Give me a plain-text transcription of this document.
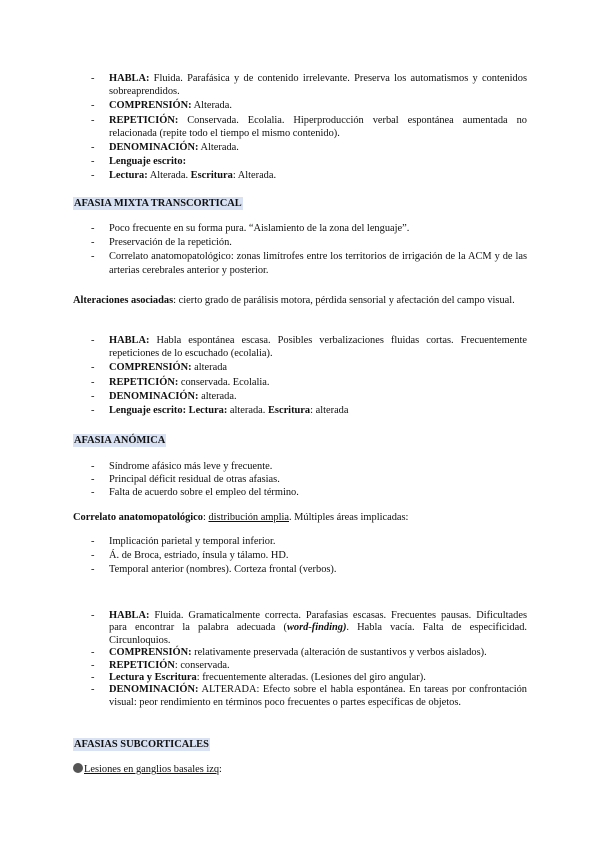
- HABLA: Fluida. Parafásica y de contenido irrelevante. Preserva los automatismos y contenidos sobreaprendidos.
- COMPRENSIÓN: Alterada.
- REPETICIÓN: Conservada. Ecolalia. Hiperproducción verbal espontánea aumentada no relacionada (repite todo el tiempo el mismo contenido).
- DENOMINACIÓN: Alterada.
- Lenguaje escrito:
- Lectura: Alterada. Escritura: Alterada.
AFASIA MIXTA TRANSCORTICAL
- Poco frecuente en su forma pura. “Aislamiento de la zona del lenguaje”.
- Preservación de la repetición.
- Correlato anatomopatológico: zonas limítrofes entre los territorios de irrigación de la ACM y de las arterias cerebrales anterior y posterior.
Alteraciones asociadas: cierto grado de parálisis motora, pérdida sensorial y afectación del campo visual.
- HABLA: Habla espontánea escasa. Posibles verbalizaciones fluidas cortas. Frecuentemente repeticiones de lo escuchado (ecolalia).
- COMPRENSIÓN: alterada
- REPETICIÓN: conservada. Ecolalia.
- DENOMINACIÓN: alterada.
- Lenguaje escrito: Lectura: alterada. Escritura: alterada
AFASIA ANÓMICA
- Síndrome afásico más leve y frecuente.
- Principal déficit residual de otras afasias.
- Falta de acuerdo sobre el empleo del término.
Correlato anatomopatológico: distribución amplia. Múltiples áreas implicadas:
- Implicación parietal y temporal inferior.
- Á. de Broca, estriado, ínsula y tálamo. HD.
- Temporal anterior (nombres). Corteza frontal (verbos).
- HABLA: Fluida. Gramaticalmente correcta. Parafasias escasas. Frecuentes pausas. Dificultades para encontrar la palabra adecuada (word-finding). Habla vacía. Falta de especificidad. Circunloquios.
- COMPRENSIÓN: relativamente preservada (alteración de sustantivos y verbos aislados).
- REPETICIÓN: conservada.
- Lectura y Escritura: frecuentemente alteradas. (Lesiones del giro angular).
- DENOMINACIÓN: ALTERADA: Efecto sobre el habla espontánea. En tareas por confrontación visual: peor rendimiento en términos poco frecuentes o partes específicas de objetos.
AFASIAS SUBCORTICALES
Lesiones en ganglios basales izq:
